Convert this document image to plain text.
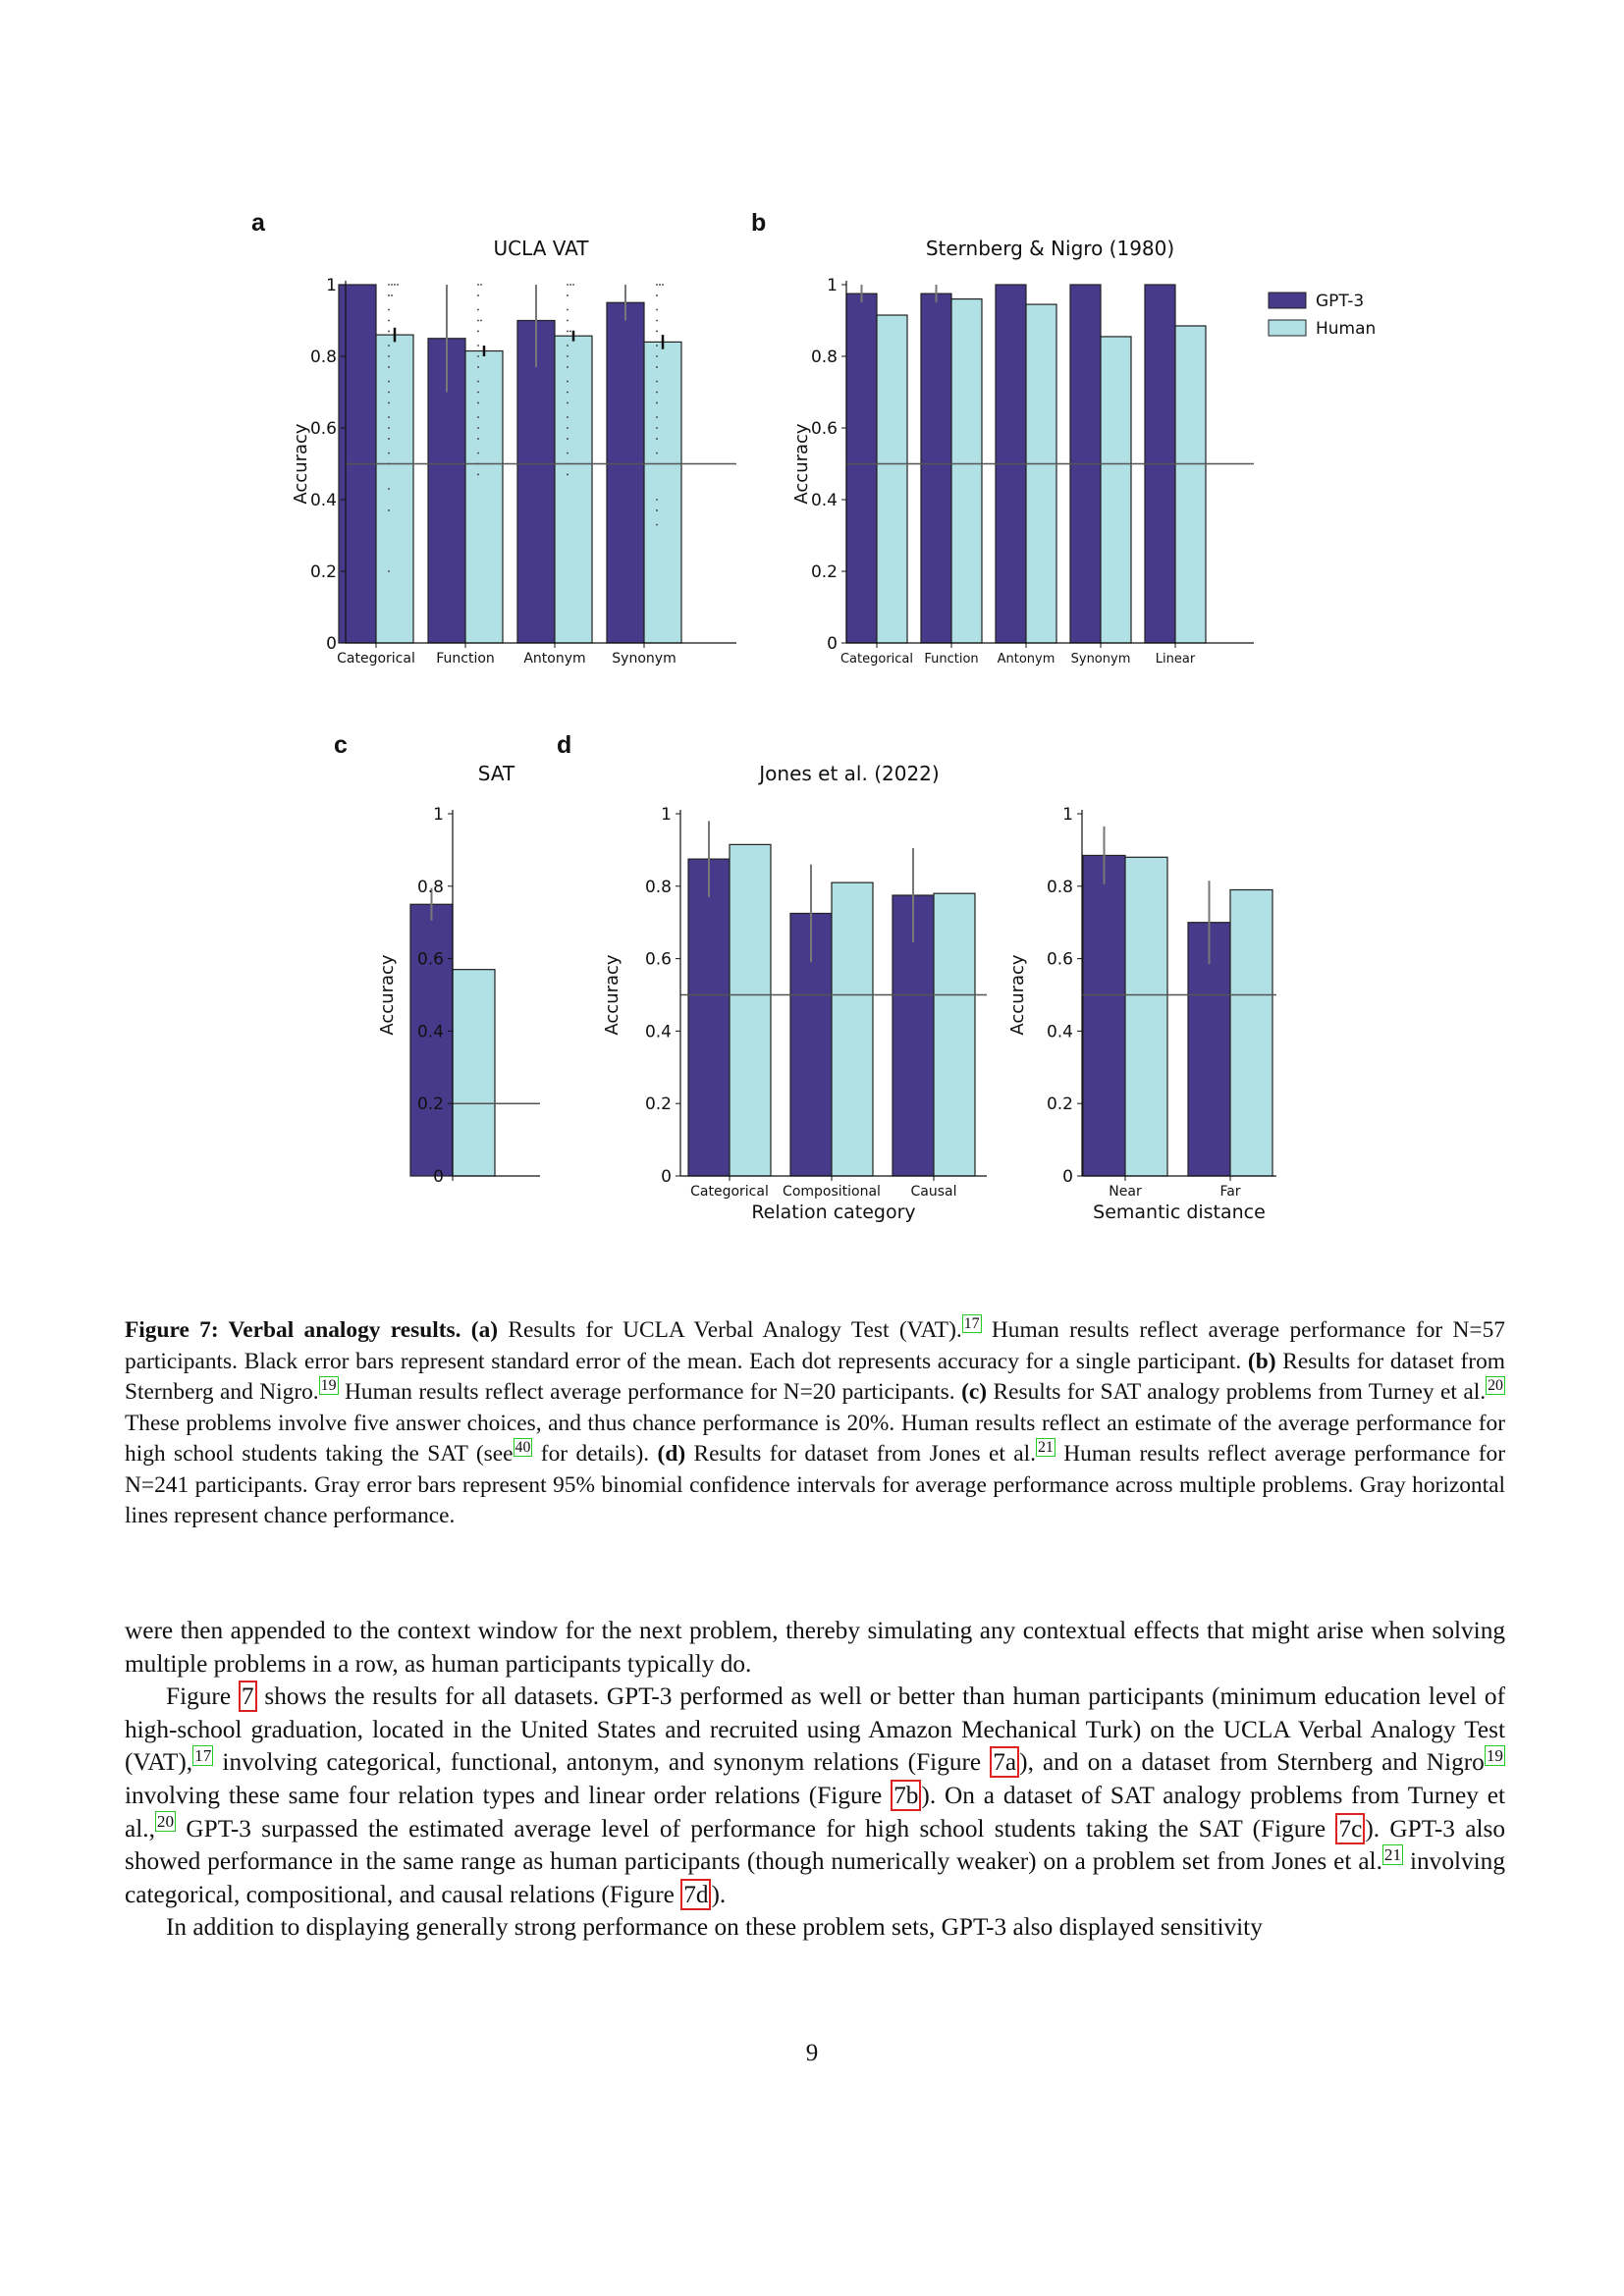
a	b
c	d
UCLA VAT
Accuracy
Categorical Function Antonym Synonym
0
0.2
0.4
0.6
0.8
1
Sternberg & Nigro (1980)
Accuracy
Categorical Function Antonym Synonym Linear
0
0.2
0.4
0.6
0.8
1
GPT-3
Human
SAT
Accuracy
0
0.2
0.4
0.6
0.8
1
Jones et al. (2022)
Accuracy
Categorical Compositional Causal
0
0.2
0.4
0.6
0.8
1
Relation category
Accuracy
Near	Far
0
0.2
0.4
0.6
0.8
1
Semantic distance
Figure 7: Verbal analogy results. (a) Results for UCLA Verbal Analogy Test (VAT). $^{17}$ Human results reflect average performance for N=57 participants. Black error bars represent standard error of the mean. Each dot represents accuracy for a single participant. (b) Results for dataset from Sternberg and Nigro. $^{19}$ Human results reflect average performance for N=20 participants. (c) Results for SAT analogy problems from Turney et al. $^{20}$ These problems involve five answer choices, and thus chance performance is 20%. Human results reflect an estimate of the average performance for high school students taking the SAT (see $^{40}$ for details). (d) Results for dataset from Jones et al. $^{21}$ Human results reflect average performance for N=241 participants. Gray error bars represent 95% binomial confidence intervals for average performance across multiple problems. Gray horizontal lines represent chance performance.

were then appended to the context window for the next problem, thereby simulating any contextual effects that might arise when solving multiple problems in a row, as human participants typically do.

Figure 7 shows the results for all datasets. GPT-3 performed as well or better than human participants (minimum education level of high-school graduation, located in the United States and recruited using Amazon Mechanical Turk) on the UCLA Verbal Analogy Test (VAT), $^{17}$ involving categorical, functional, antonym, and synonym relations (Figure 7a ), and on a dataset from Sternberg and Nigro $^{19}$ involving these same four relation types and linear order relations (Figure 7b ). On a dataset of SAT analogy problems from Turney et al., $^{20}$ GPT-3 surpassed the estimated average level of performance for high school students taking the SAT (Figure 7c ). GPT-3 also showed performance in the same range as human participants (though numerically weaker) on a problem set from Jones et al. $^{21}$ involving categorical, compositional, and causal relations (Figure 7d ).

In addition to displaying generally strong performance on these problem sets, GPT-3 also displayed sensitivity

9
